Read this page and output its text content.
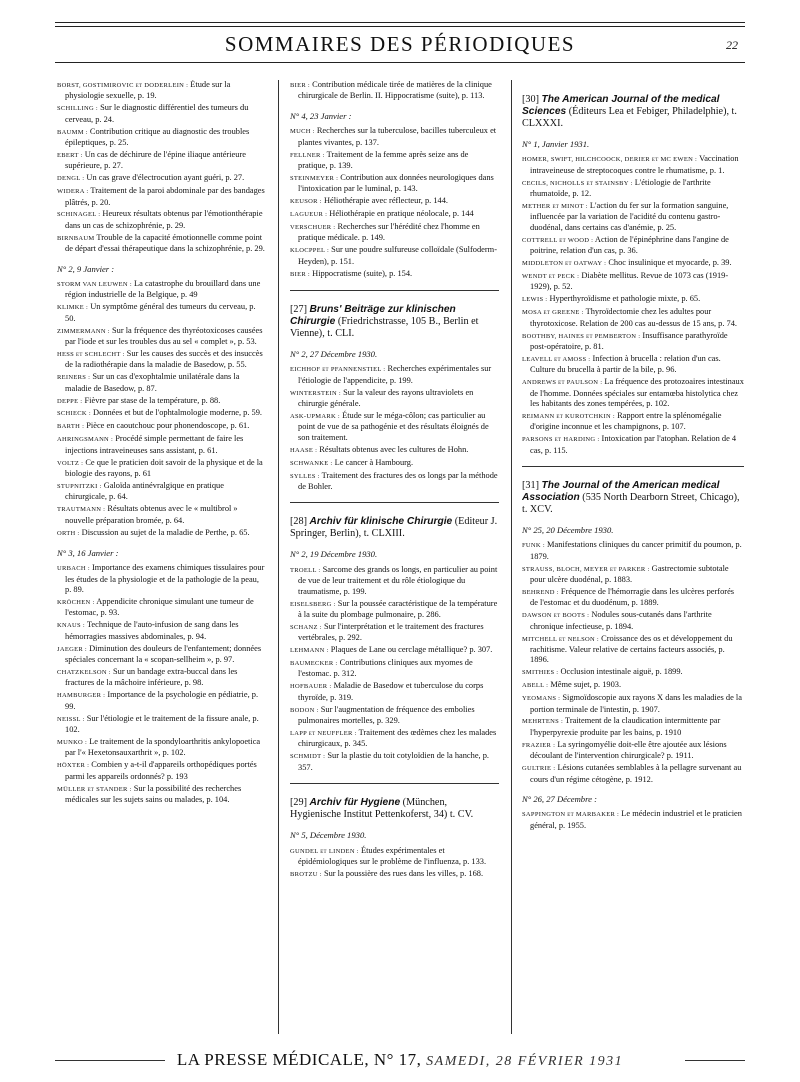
SOMMAIRES DES PÉRIODIQUES	22
BORST, GOSTIMIROVIC et DODERLEIN : Étude sur la physiologie sexuelle, p. 19.
SCHILLING : Sur le diagnostic différentiel des tumeurs du cerveau, p. 24.
BAUMM : Contribution critique au diagnostic des troubles épileptiques, p. 25.
EBERT : Un cas de déchirure de l'épine iliaque antérieure supérieure, p. 27.
DENGL : Un cas grave d'électrocution ayant guéri, p. 27.
WIDERA : Traitement de la paroi abdominale par des bandages plâtrés, p. 20.
SCHINAGEL : Heureux résultats obtenus par l'émotionthérapie dans un cas de schizophrénie, p. 29.
BIRNBAUM Trouble de la capacité émotionnelle comme point de départ d'essai thérapeutique dans la schizophrénie, p. 29.
N° 2, 9 Janvier :
STORM VAN LEUWEN : La catastrophe du brouillard dans une région industrielle de la Belgique, p. 49
KLIMKE : Un symptôme général des tumeurs du cerveau, p. 50.
ZIMMERMANN : Sur la fréquence des thyréotoxicoses causées par l'iode et sur les troubles dus au sel « complet », p. 53.
HESS et SCHLECHT : Sur les causes des succès et des insuccès de la radiothérapie dans la maladie de Basedow, p. 55.
REINERS : Sur un cas d'exophtalmie unilatérale dans la maladie de Basedow, p. 87.
DEPPE : Fièvre par stase de la température, p. 88.
SCHIECK : Données et but de l'ophtalmologie moderne, p. 59.
BARTH : Pièce en caoutchouc pour phonendoscope, p. 61.
AHRINGSMANN : Procédé simple permettant de faire les injections intraveineuses sans assistant, p. 61.
VOLTZ : Ce que le praticien doit savoir de la physique et de la biologie des rayons, p. 61
STUPNITZKI : Galoïda antinévralgique en pratique chirurgicale, p. 64.
TRAUTMANN : Résultats obtenus avec le « multibrol » nouvelle préparation bromée, p. 64.
ORTH : Discussion au sujet de la maladie de Perthe, p. 65.
N° 3, 16 Janvier :
URBACH : Importance des examens chimiques tissulaires pour les études de la physiologie et de la pathologie de la peau, p. 89.
KRÖCHEN : Appendicite chronique simulant une tumeur de l'estomac, p. 93.
KNAUS : Technique de l'auto-infusion de sang dans les hémorragies massives abdominales, p. 94.
JAEGER : Diminution des douleurs de l'enfantement; données spéciales concernant la « scopan-sellheim », p. 97.
CHATZKELSON : Sur un bandage extra-buccal dans les fractures de la mâchoire inférieure, p. 98.
HAMBURGER : Importance de la psychologie en pédiatrie, p. 99.
NEISSL : Sur l'étiologie et le traitement de la fissure anale, p. 102.
MUNKO : Le traitement de la spondyloarthritis ankylopoetica par l'« Hexetonsauxarthrit », p. 102.
HÖXTER : Combien y a-t-il d'appareils orthopédiques portés parmi les appareils ordonnés? p. 193
MÜLLER et STANDER : Sur la possibilité des recherches médicales sur les sujets sains ou malades, p. 104.
BIER : Contribution médicale tirée de matières de la clinique chirurgicale de Berlin. II. Hippocratisme (suite), p. 113.
N° 4, 23 Janvier :
MUCH : Recherches sur la tuberculose, bacilles tuberculeux et plantes vivantes, p. 137.
FELLNER : Traitement de la femme après seize ans de pratique, p. 139.
STEINMEYER : Contribution aux données neurologiques dans l'intoxication par le luminal, p. 143.
KEUSOR : Héliothérapie avec réflecteur, p. 144.
LAGUEUR : Héliothérapie en pratique néolocale, p. 144
VERSCHUER : Recherches sur l'hérédité chez l'homme en pratique médicale. p. 149.
KLOCPPEL : Sur une poudre sulfureuse colloïdale (Sulfoderm-Heyden), p. 151.
BIER : Hippocratisme (suite), p. 154.
[27] Bruns' Beiträge zur klinischen Chirurgie (Friedrichstrasse, 105 B., Berlin et Vienne), t. CLI.
N° 2, 27 Décembre 1930.
EICHHOF et PFANNENSTIEL : Recherches expérimentales sur l'étiologie de l'appendicite, p. 199.
WINTERSTEIN : Sur la valeur des rayons ultraviolets en chirurgie générale.
ASK-UPMARK : Étude sur le méga-côlon; cas particulier au point de vue de sa pathogénie et des résultats éloignés de son traitement.
HAASE : Résultats obtenus avec les cultures de Hohn.
SCHWANKE : Le cancer à Hambourg.
SYLLES : Traitement des fractures des os longs par la méthode de Bohler.
[28] Archiv für klinische Chirurgie (Editeur J. Springer, Berlin), t. CLXIII.
N° 2, 19 Décembre 1930.
TROELL : Sarcome des grands os longs, en particulier au point de vue de leur traitement et du rôle étiologique du traumatisme, p. 199.
EISELSBERG : Sur la poussée caractéristique de la température à la suite du plombage pulmonaire, p. 286.
SCHANZ : Sur l'interprétation et le traitement des fractures vertébrales, p. 292.
LEHMANN : Plaques de Lane ou cerclage métallique? p. 307.
BAUMECKER : Contributions cliniques aux myomes de l'estomac. p. 312.
HOFBAUER : Maladie de Basedow et tuberculose du corps thyroïde, p. 319.
BODON : Sur l'augmentation de fréquence des embolies pulmonaires mortelles, p. 329.
LAPP et NEUFFLER : Traitement des œdèmes chez les malades chirurgicaux, p. 345.
SCHMIDT : Sur la plastie du toit cotyloïdien de la hanche, p. 357.
[29] Archiv für Hygiene (München, Hygienische Institut Pettenkoferst, 34) t. CV.
N° 5, Décembre 1930.
GUNDEL et LINDEN : Études expérimentales et épidémiologiques sur le problème de l'influenza, p. 133.
BROTZU : Sur la poussière des rues dans les villes, p. 168.
[30] The American Journal of the medical Sciences (Éditeurs Lea et Febiger, Philadelphie), t. CLXXXI.
N° 1, Janvier 1931.
HOMER, SWIFT, HILCHCOOCK, DERIER et MC EWEN : Vaccination intraveineuse de streptocoques contre le rhumatisme, p. 1.
CECILS, NICHOLLS et STAINSBY : L'étiologie de l'arthrite rhumatoïde, p. 12.
METHER et MINOT : L'action du fer sur la formation sanguine, influencée par la variation de l'acidité du contenu gastro-duodénal, dans certains cas d'anémie, p. 25.
COTTRELL et WOOD : Action de l'épinéphrine dans l'angine de poitrine, relation d'un cas, p. 36.
MIDDLETON et OATWAY : Choc insulinique et myocarde, p. 39.
WENDT et PECK : Diabète mellitus. Revue de 1073 cas (1919-1929), p. 52.
LEWIS : Hyperthyroïdisme et pathologie mixte, p. 65.
MOSA et GREENE : Thyroïdectomie chez les adultes pour thyrotoxicose. Relation de 200 cas au-dessus de 15 ans, p. 74.
BOOTHBY, HAINES et PEMBERTON : Insuffisance parathyroïde post-opératoire, p. 81.
LEAVELL et AMOSS : Infection à brucella : relation d'un cas. Culture du brucella à partir de la bile, p. 96.
ANDREWS et PAULSON : La fréquence des protozoaires intestinaux de l'homme. Données spéciales sur entamœba histolytica chez les habitants des zones tempérées, p. 102.
REIMANN et KUROTCHKIN : Rapport entre la splénomégalie d'origine inconnue et les champignons, p. 107.
PARSONS et HARDING : Intoxication par l'atophan. Relation de 4 cas, p. 115.
[31] The Journal of the American medical Association (535 North Dearborn Street, Chicago), t. XCV.
N° 25, 20 Décembre 1930.
FUNK : Manifestations cliniques du cancer primitif du poumon, p. 1879.
STRAUSS, BLOCH, MEYER et PARKER : Gastrectomie subtotale pour ulcère duodénal, p. 1883.
BEHREND : Fréquence de l'hémorragie dans les ulcères perforés de l'estomac et du duodénum, p. 1889.
DAWSON et BOOTS : Nodules sous-cutanés dans l'arthrite chronique infectieuse, p. 1894.
MITCHELL et NELSON : Croissance des os et développement du rachitisme. Valeur relative de certains facteurs associés, p. 1896.
SMITHIES : Occlusion intestinale aiguë, p. 1899.
ABELL : Même sujet, p. 1903.
YEOMANS : Sigmoïdoscopie aux rayons X dans les maladies de la portion terminale de l'intestin, p. 1907.
MEHRTENS : Traitement de la claudication intermittente par l'hyperpyrexie produite par les bains, p. 1910
FRAZIER : La syringomyélie doit-elle être ajoutée aux lésions découlant de l'intervention chirurgicale? p. 1911.
GULTRIE : Lésions cutanées semblables à la pellagre survenant au cours d'un régime cétogène, p. 1912.
N° 26, 27 Décembre :
SAPPINGTON et MARBAKER : Le médecin industriel et le praticien général, p. 1955.
LA PRESSE MÉDICALE, N° 17, SAMEDI, 28 FÉVRIER 1931
